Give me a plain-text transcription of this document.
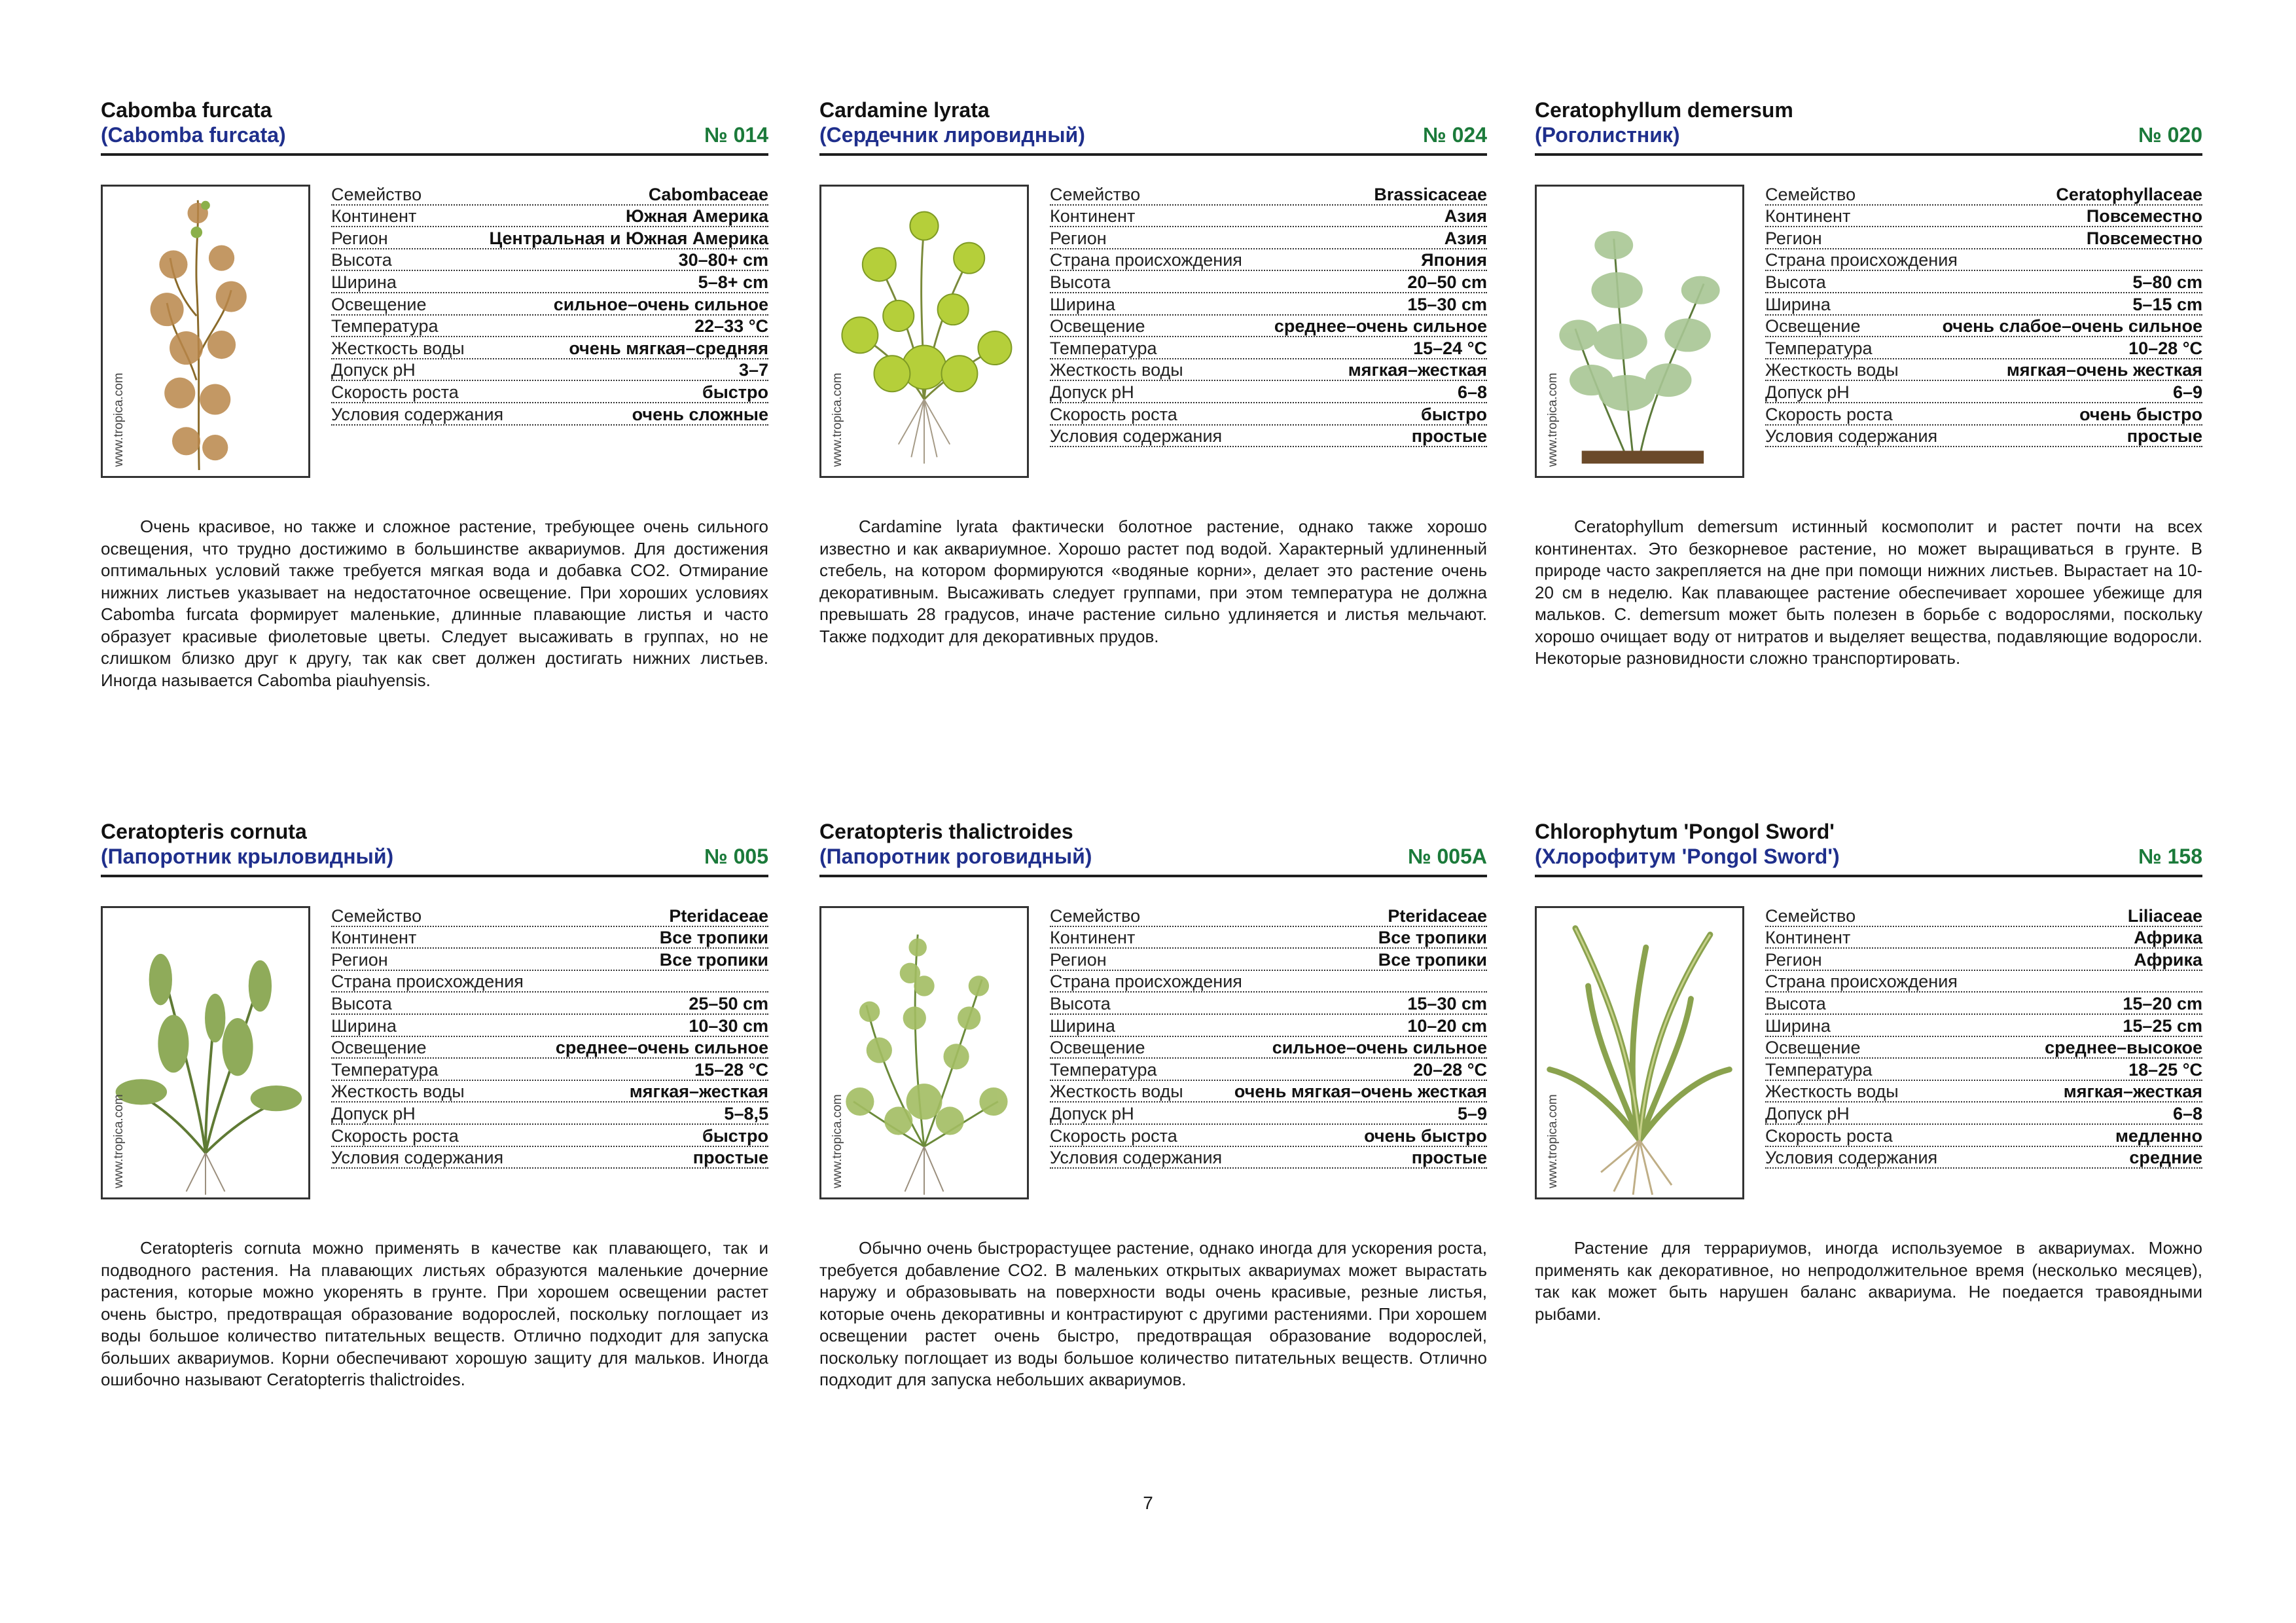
Cabomba furcata
(Cabomba furcata)	№ 014
www.tropica.com
Семейство	Cabombaceae
Континент	Южная Америка
Регион	Центральная и Южная Америка
Высота	30–80+ cm
Ширина	5–8+ cm
Освещение	сильное–очень сильное
Температура	22–33 °C
Жесткость воды	очень мягкая–средняя
Допуск pH	3–7
Скорость роста	быстро
Условия содержания	очень сложные

Очень красивое, но также и сложное растение, требующее очень сильного освещения, что трудно достижимо в большинстве аквариумов. Для достижения оптимальных условий также требуется мягкая вода и добавка CO2. Отмирание нижних листьев указывает на недостаточное освещение. При хороших условиях Cabomba furcata формирует маленькие, длинные плавающие листья и часто образует красивые фиолетовые цветы. Следует высаживать в группах, но не слишком близко друг к другу, так как свет должен достигать нижних листьев. Иногда называется Cabomba piauhyensis.

Cardamine lyrata
(Сердечник лировидный)	№ 024
www.tropica.com
Семейство	Brassicaceae
Континент	Азия
Регион	Азия
Страна происхождения	Япония
Высота	20–50 cm
Ширина	15–30 cm
Освещение	среднее–очень сильное
Температура	15–24 °C
Жесткость воды	мягкая–жесткая
Допуск pH	6–8
Скорость роста	быстро
Условия содержания	простые

Cardamine lyrata фактически болотное растение, однако также хорошо известно и как аквариумное. Хорошо растет под водой. Характерный удлиненный стебель, на котором формируются «водяные корни», делает это растение очень декоративным. Высаживать следует группами, при этом температура не должна превышать 28 градусов, иначе растение сильно удлиняется и листья мельчают. Также подходит для декоративных прудов.

Ceratophyllum demersum
(Роголистник)	№ 020
www.tropica.com
Семейство	Ceratophyllaceae
Континент	Повсеместно
Регион	Повсеместно
Страна происхождения
Высота	5–80 cm
Ширина	5–15 cm
Освещение	очень слабое–очень сильное
Температура	10–28 °C
Жесткость воды	мягкая–очень жесткая
Допуск pH	6–9
Скорость роста	очень быстро
Условия содержания	простые

Ceratophyllum demersum истинный космополит и растет почти на всех континентах. Это безкорневое растение, но может выращиваться в грунте. В природе часто закрепляется на дне при помощи нижних листьев. Вырастает на 10-20 см в неделю. Как плавающее растение обеспечивает хорошее убежище для мальков. C. demersum может быть полезен в борьбе с водорослями, поскольку хорошо очищает воду от нитратов и выделяет вещества, подавляющие водоросли. Некоторые разновидности сложно транспортировать.

Ceratopteris cornuta
(Папоротник крыловидный)	№ 005
www.tropica.com
Семейство	Pteridaceae
Континент	Все тропики
Регион	Все тропики
Страна происхождения
Высота	25–50 cm
Ширина	10–30 cm
Освещение	среднее–очень сильное
Температура	15–28 °C
Жесткость воды	мягкая–жесткая
Допуск pH	5–8,5
Скорость роста	быстро
Условия содержания	простые

Ceratopteris cornuta можно применять в качестве как плавающего, так и подводного растения. На плавающих листьях образуются маленькие дочерние растения, которые можно укоренять в грунте. При хорошем освещении растет очень быстро, предотвращая образование водорослей, поскольку поглощает из воды большое количество питательных веществ. Отлично подходит для запуска больших аквариумов. Корни обеспечивают хорошую защиту для мальков. Иногда ошибочно называют Ceratopterris thalictroides.

Ceratopteris thalictroides
(Папоротник роговидный)	№ 005A
www.tropica.com
Семейство	Pteridaceae
Континент	Все тропики
Регион	Все тропики
Страна происхождения
Высота	15–30 cm
Ширина	10–20 cm
Освещение	сильное–очень сильное
Температура	20–28 °C
Жесткость воды	очень мягкая–очень жесткая
Допуск pH	5–9
Скорость роста	очень быстро
Условия содержания	простые

Обычно очень быстрорастущее растение, однако иногда для ускорения роста, требуется добавление CO2. В маленьких открытых аквариумах может вырастать наружу и образовывать на поверхности воды очень красивые, резные листья, которые очень декоративны и контрастируют с другими растениями. При хорошем освещении растет очень быстро, предотвращая образование водорослей, поскольку поглощает из воды большое количество питательных веществ. Отлично подходит для запуска небольших аквариумов.

Chlorophytum 'Pongol Sword'
(Хлорофитум 'Pongol Sword')	№ 158
www.tropica.com
Семейство	Liliaceae
Континент	Африка
Регион	Африка
Страна происхождения
Высота	15–20 cm
Ширина	15–25 cm
Освещение	среднее–высокое
Температура	18–25 °C
Жесткость воды	мягкая–жесткая
Допуск pH	6–8
Скорость роста	медленно
Условия содержания	средние

Растение для террариумов, иногда используемое в аквариумах. Можно применять как декоративное, но непродолжительное время (несколько месяцев), так как может быть нарушен баланс аквариума. Не поедается травоядными рыбами.

7
